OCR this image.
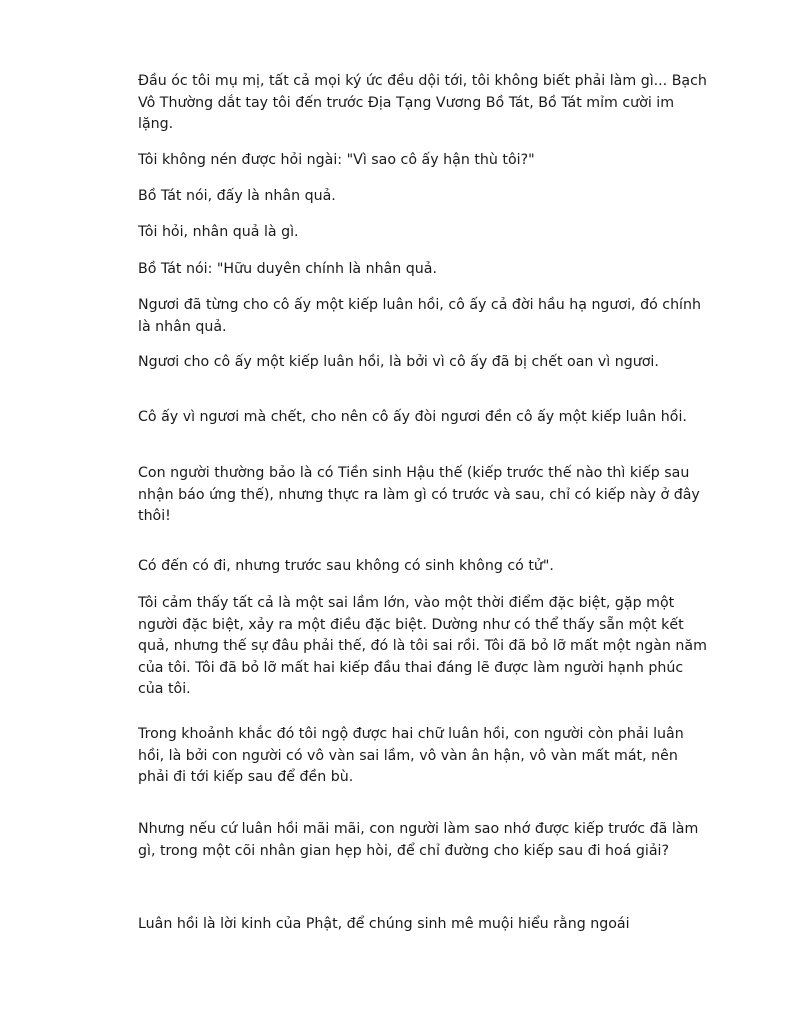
Đầu óc tôi mụ mị, tất cả mọi ký ức đều dội tới, tôi không biết phải làm gì... Bạch Vô Thường dắt tay tôi đến trước Địa Tạng Vương Bồ Tát, Bồ Tát mỉm cười im lặng.

Tôi không nén được hỏi ngài: "Vì sao cô ấy hận thù tôi?"

Bồ Tát nói, đấy là nhân quả.

Tôi hỏi, nhân quả là gì.

Bồ Tát nói: "Hữu duyên chính là nhân quả.

Ngươi đã từng cho cô ấy một kiếp luân hồi, cô ấy cả đời hầu hạ ngươi, đó chính là nhân quả.

Ngươi cho cô ấy một kiếp luân hồi, là bởi vì cô ấy đã bị chết oan vì ngươi.

Cô ấy vì ngươi mà chết, cho nên cô ấy đòi ngươi đền cô ấy một kiếp luân hồi.

Con người thường bảo là có Tiền sinh Hậu thế (kiếp trước thế nào thì kiếp sau nhận báo ứng thế), nhưng thực ra làm gì có trước và sau, chỉ có kiếp này ở đây thôi!

Có đến có đi, nhưng trước sau không có sinh không có tử".

Tôi cảm thấy tất cả là một sai lầm lớn, vào một thời điểm đặc biệt, gặp một người đặc biệt, xảy ra một điều đặc biệt. Dường như có thể thấy sẵn một kết quả, nhưng thế sự đâu phải thế, đó là tôi sai rồi. Tôi đã bỏ lỡ mất một ngàn năm của tôi. Tôi đã bỏ lỡ mất hai kiếp đầu thai đáng lẽ được làm người hạnh phúc của tôi.

Trong khoảnh khắc đó tôi ngộ được hai chữ luân hồi, con người còn phải luân hồi, là bởi con người có vô vàn sai lầm, vô vàn ân hận, vô vàn mất mát, nên phải đi tới kiếp sau để đền bù.

Nhưng nếu cứ luân hồi mãi mãi, con người làm sao nhớ được kiếp trước đã làm gì, trong một cõi nhân gian hẹp hòi, để chỉ đường cho kiếp sau đi hoá giải?

Luân hồi là lời kinh của Phật, để chúng sinh mê muội hiểu rằng ngoái
